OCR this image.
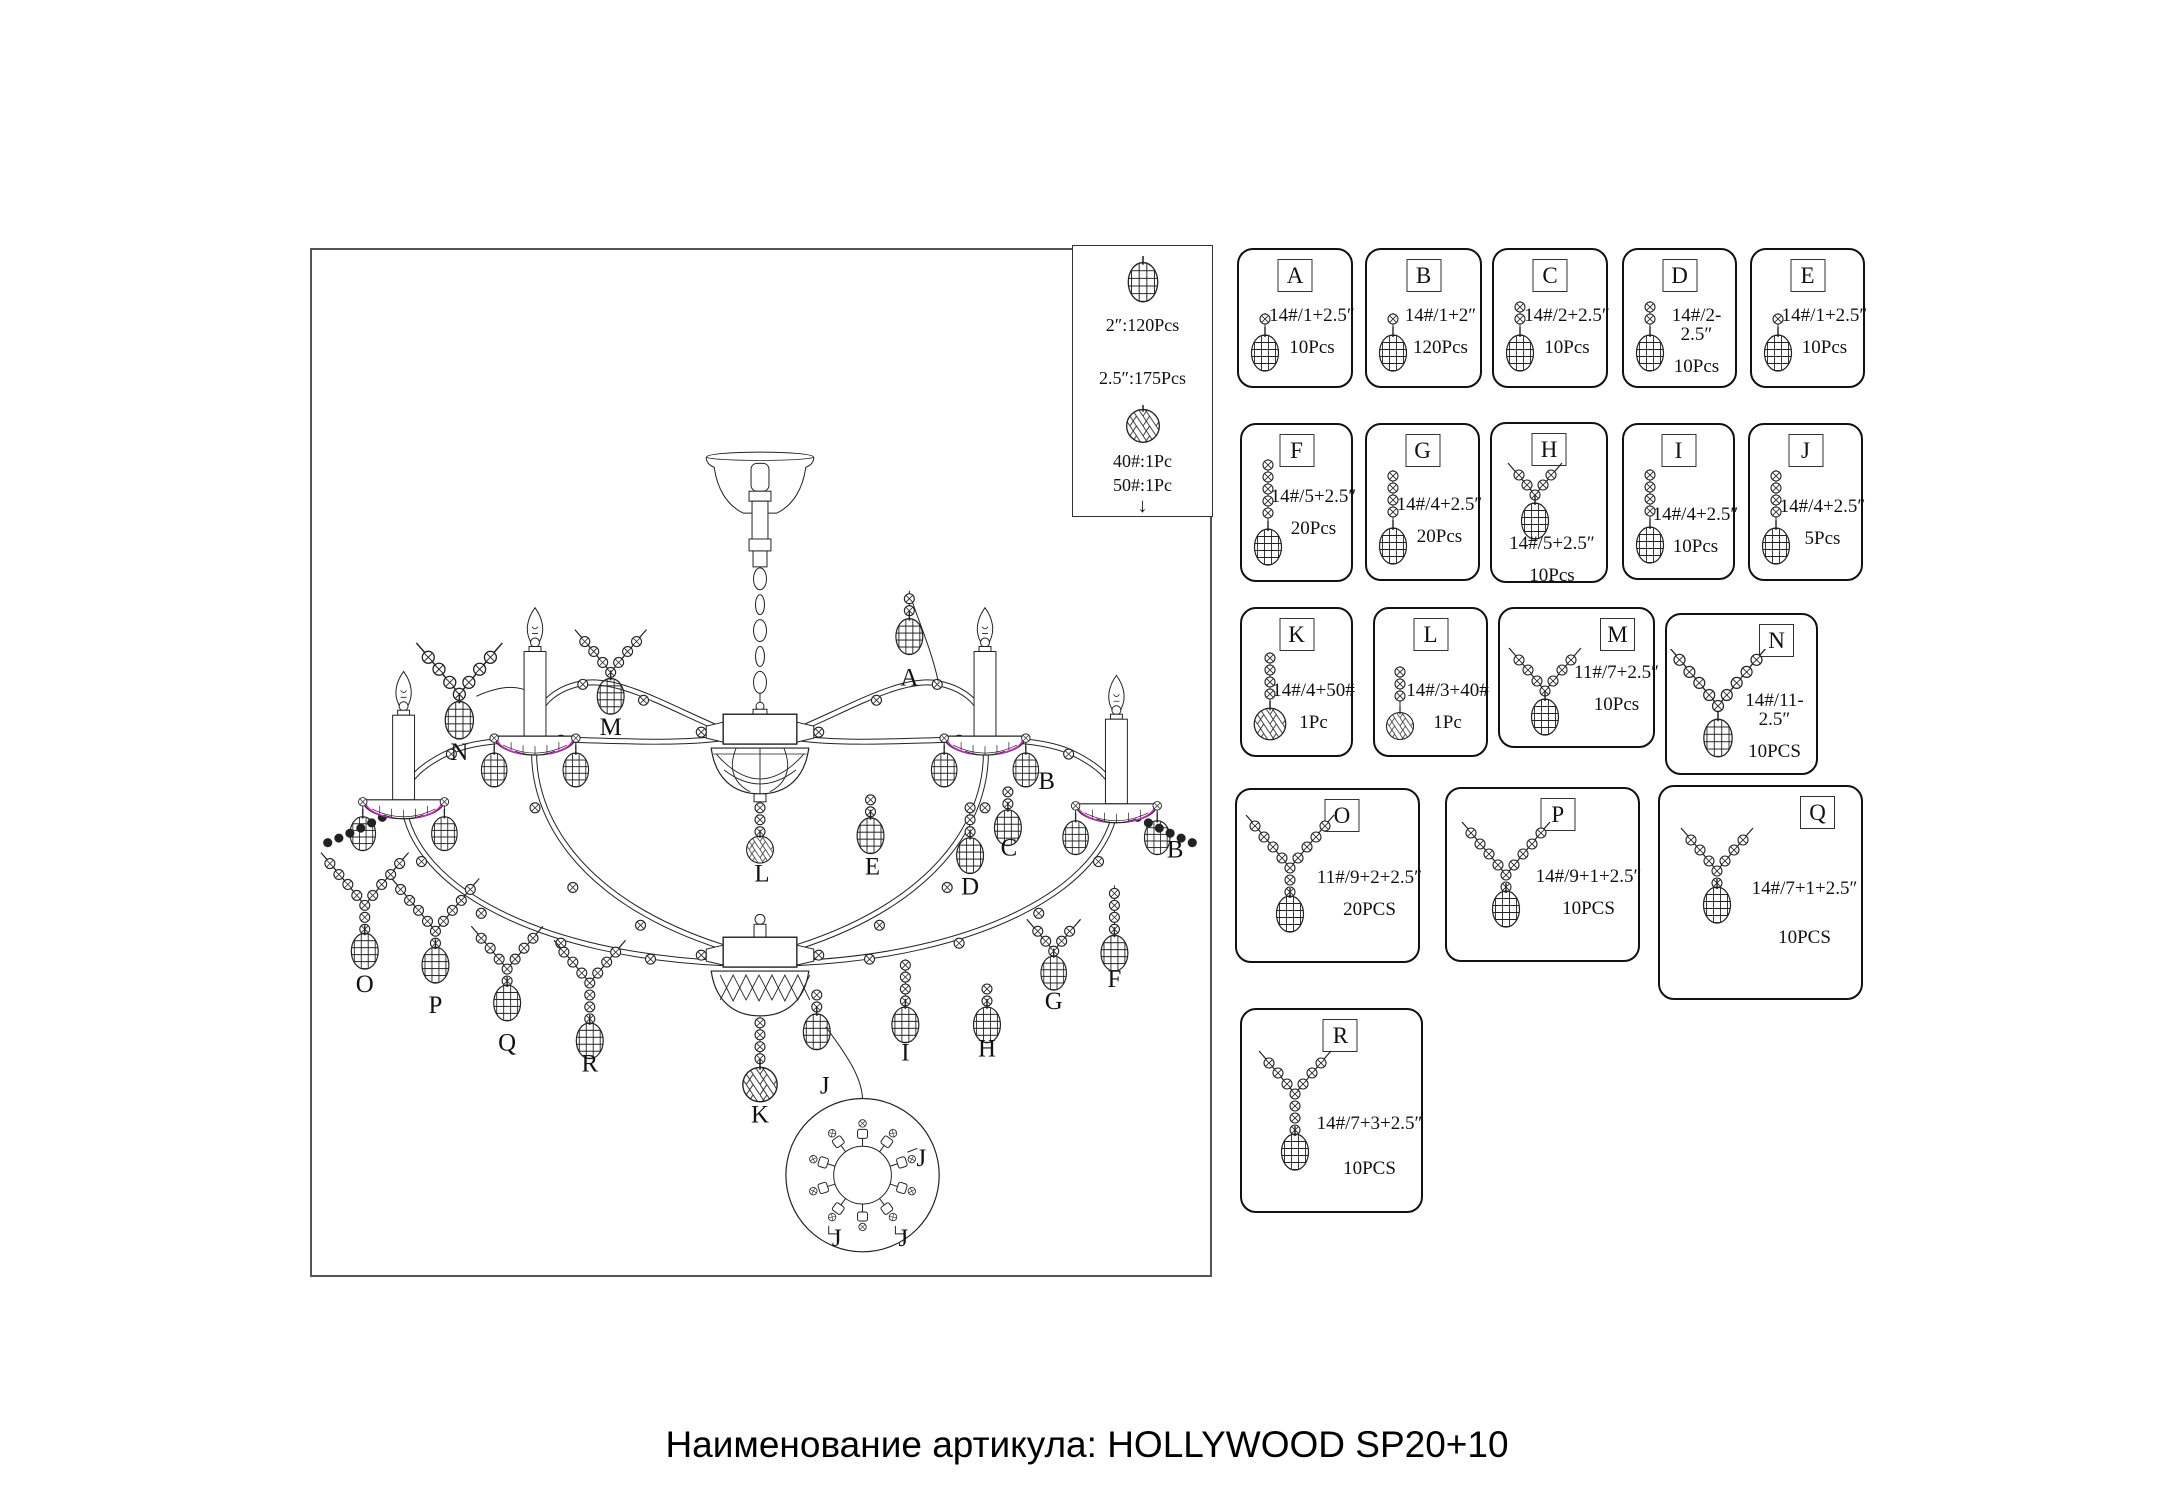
A
N
M
L	E
D
C
B
B
O
P
Q
R
K
J
I	H
G
F
J
J J
2″:120Pcs
2.5″:175Pcs
40#:1Pc
50#:1Pc
↓
A
14#/1+2.5″
10Pcs
B
14#/1+2″
120Pcs
C
14#/2+2.5″
10Pcs
D
14#/2-2.5″
10Pcs
E
14#/1+2.5″
10Pcs
F
14#/5+2.5″
20Pcs
G
14#/4+2.5″
20Pcs
H
14#/5+2.5″
10Pcs
I
14#/4+2.5″
10Pcs
J
14#/4+2.5″
5Pcs
K
14#/4+50#
1Pc
L
14#/3+40#
1Pc
M
11#/7+2.5″
10Pcs
N
14#/11-2.5″
10PCS
O
11#/9+2+2.5″
20PCS
P
14#/9+1+2.5″
10PCS
Q
14#/7+1+2.5″
10PCS
R
14#/7+3+2.5″
10PCS
Наименование артикула: HOLLYWOOD SP20+10
